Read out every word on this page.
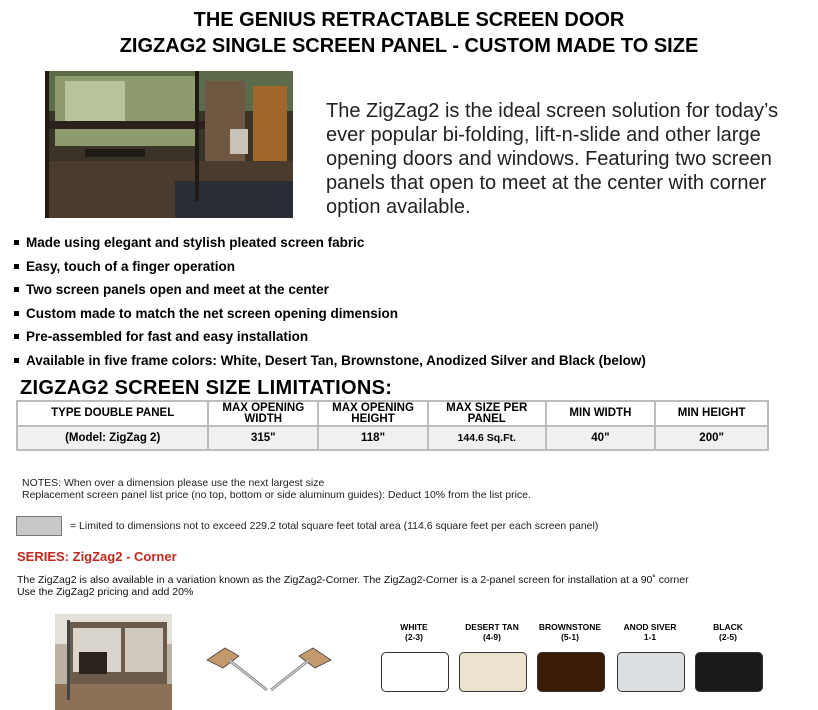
THE GENIUS RETRACTABLE SCREEN DOOR
ZIGZAG2 SINGLE SCREEN PANEL - CUSTOM MADE TO SIZE
The ZigZag2 is the ideal screen solution for today’s ever popular bi-folding, lift-n-slide and other large opening doors and windows. Featuring two screen panels that open to meet at the center with corner option available.
Made using elegant and stylish pleated screen fabric
Easy, touch of a finger operation
Two screen panels open and meet at the center
Custom made to match the net screen opening dimension
Pre-assembled for fast and easy installation
Available in five frame colors: White, Desert Tan, Brownstone, Anodized Silver and Black (below)
ZIGZAG2 SCREEN SIZE LIMITATIONS:
TYPE DOUBLE PANEL	MAX OPENING WIDTH	MAX OPENING HEIGHT	MAX SIZE PER PANEL	MIN WIDTH	MIN HEIGHT
(Model: ZigZag 2)	315"	118"	144.6 Sq.Ft.	40"	200"
NOTES: When over a dimension please use the next largest size
Replacement screen panel list price (no top, bottom or side aluminum guides): Deduct 10% from the list price.
= Limited to dimensions not to exceed 229.2 total square feet total area (114.6 square feet per each screen panel)
SERIES: ZigZag2 - Corner
The ZigZag2 is also available in a variation known as the ZigZag2-Corner. The ZigZag2-Corner is a 2-panel screen for installation at a 90˚ corner
Use the ZigZag2 pricing and add 20%
WHITE
(2-3)
DESERT TAN
(4-9)
BROWNSTONE
(5-1)
ANOD SIVER
1-1
BLACK
(2-5)
